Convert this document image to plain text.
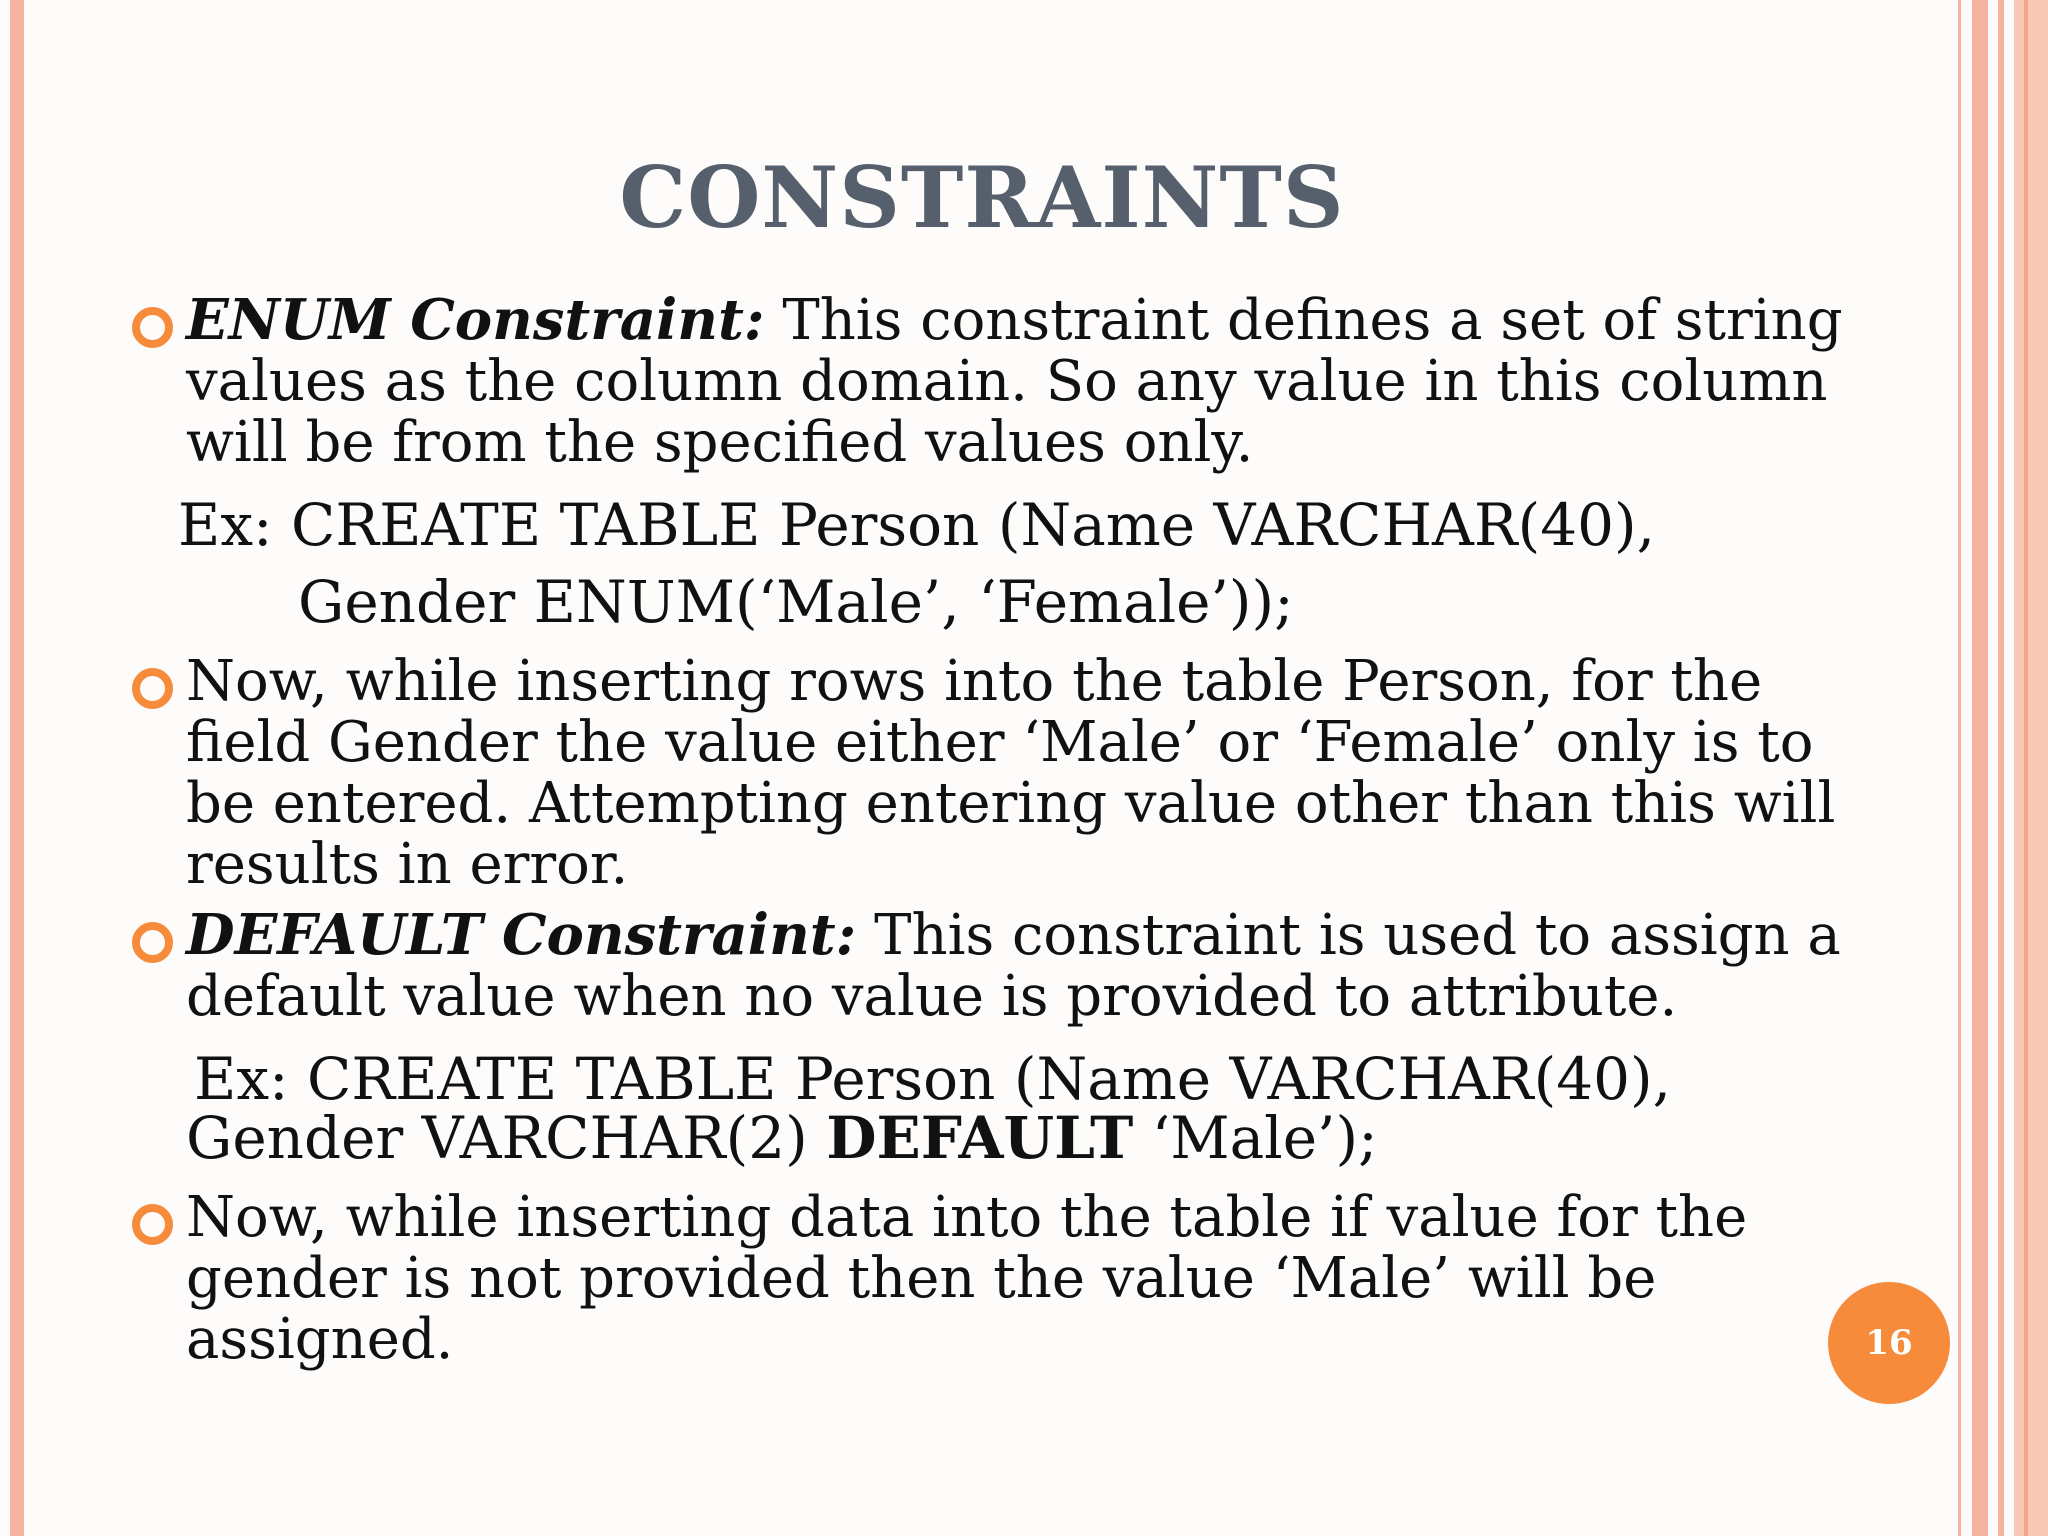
CONSTRAINTS
ENUM Constraint: This constraint defines a set of string values as the column domain. So any value in this column will be from the specified values only.
Ex: CREATE TABLE Person (Name VARCHAR(40),
Gender ENUM(‘Male’, ‘Female’));
Now, while inserting rows into the table Person, for the field Gender the value either ‘Male’ or ‘Female’ only is to be entered. Attempting entering value other than this will results in error.
DEFAULT Constraint: This constraint is used to assign a default value when no value is provided to attribute.
Ex: CREATE TABLE Person (Name VARCHAR(40),
Gender VARCHAR(2) DEFAULT ‘Male’);
Now, while inserting data into the table if value for the gender is not provided then the value ‘Male’ will be assigned.	16
